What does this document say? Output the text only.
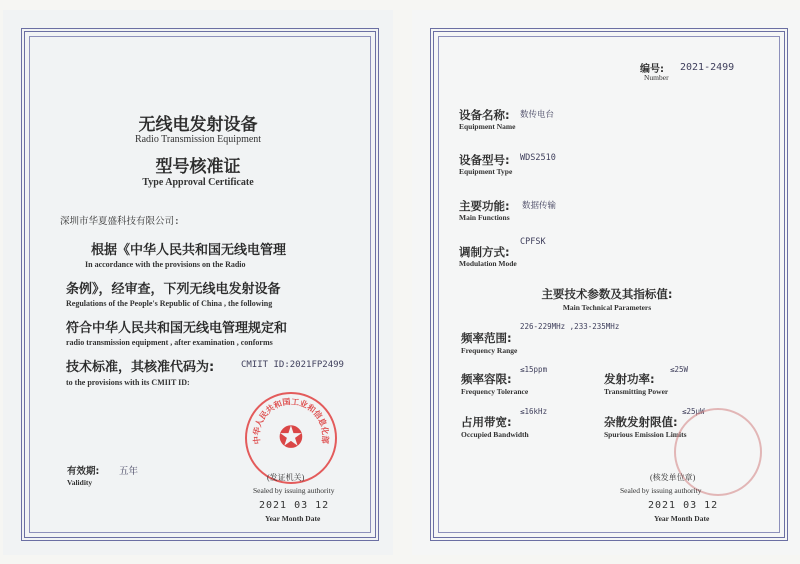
无线电发射设备
Radio Transmission Equipment
型号核准证
Type Approval Certificate
深圳市华夏盛科技有限公司:
根据《中华人民共和国无线电管理
In accordance with the provisions on the Radio
条例》，经审查，下列无线电发射设备
Regulations of the People's Republic of China , the following
符合中华人民共和国无线电管理规定和
radio transmission equipment , after examination , conforms
技术标准，其核准代码为:	CMIIT ID:2021FP2499
to the provisions with its CMIIT ID:
中华人民共和国工业和信息化部
✪
(发证机关)
有效期:
Validity
五年
Sealed by issuing authority
2021 03 12
Year Month Date
编号:
Number
2021-2499
设备名称:
Equipment Name
数传电台
设备型号:
Equipment Type
WDS2510
主要功能:
Main Functions
数据传输
调制方式:
Modulation Mode
CPFSK
主要技术参数及其指标值:
Main Technical Parameters
频率范围:
Frequency Range
226-229MHz ,233-235MHz
频率容限:
Frequency Tolerance
≤15ppm
发射功率:
Transmitting Power
≤25W
占用带宽:
Occupied Bandwidth
≤16kHz
杂散发射限值:
Spurious Emission Limits
≤25μW
(核发单位章)
Sealed by issuing authority
2021 03 12
Year Month Date
